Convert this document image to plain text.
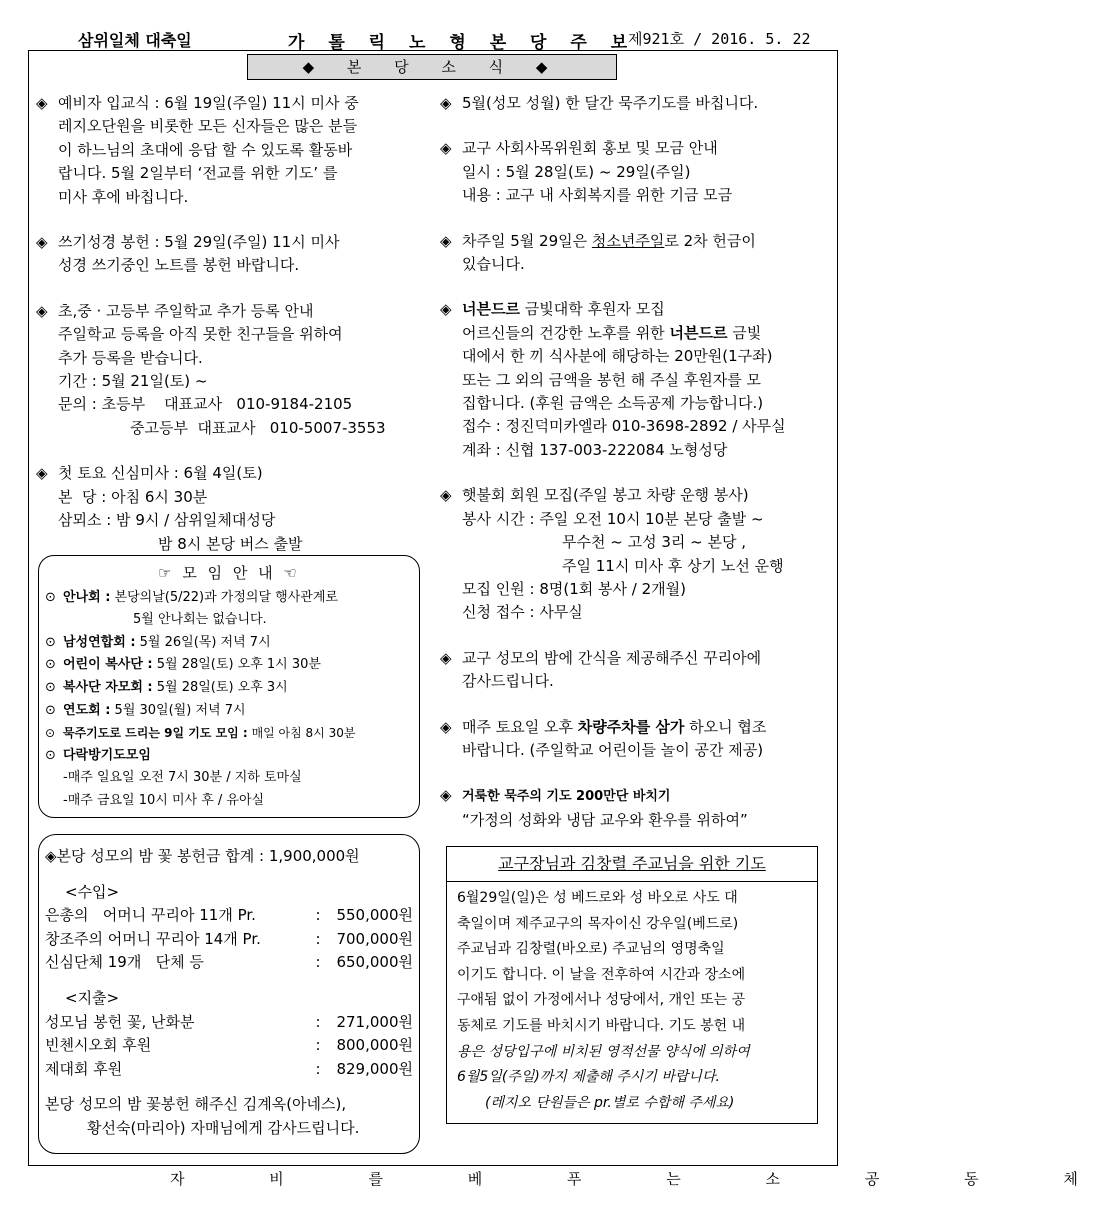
삼위일체 대축일	가 톨 릭 노 형 본 당 주 보
제921호 / 2016. 5. 22
◆ 본 당 소 식 ◆
◈ 예비자 입교식 : 6월 19일(주일) 11시 미사 중
레지오단원을 비롯한 모든 신자들은 많은 분들
이 하느님의 초대에 응답 할 수 있도록 활동바
랍니다. 5월 2일부터 ‘전교를 위한 기도’ 를
미사 후에 바칩니다.
◈ 쓰기성경 봉헌 : 5월 29일(주일) 11시 미사
성경 쓰기중인 노트를 봉헌 바랍니다.
◈ 초,중 · 고등부 주일학교 추가 등록 안내
주일학교 등록을 아직 못한 친구들을 위하여
추가 등록을 받습니다.
기간 : 5월 21일(토) ~
문의 : 초등부    대표교사   010-9184-2105
중고등부  대표교사   010-5007-3553
◈ 첫 토요 신심미사 : 6월 4일(토)
본  당 : 아침 6시 30분
삼뫼소 : 밤 9시 / 삼위일체대성당
밤 8시 본당 버스 출발
☞ 모 임 안 내 ☜
⊙ 안나회 : 본당의날(5/22)과 가정의달 행사관계로
5월 안나회는 없습니다.
⊙ 남성연합회 : 5월 26일(목) 저녁 7시
⊙ 어린이 복사단 : 5월 28일(토) 오후 1시 30분
⊙ 복사단 자모회 : 5월 28일(토) 오후 3시
⊙ 연도회 : 5월 30일(월) 저녁 7시
⊙ 묵주기도로 드리는 9일 기도 모임 : 매일 아침 8시 30분
⊙ 다락방기도모임
-매주 일요일 오전 7시 30분 / 지하 토마실
-매주 금요일 10시 미사 후 / 유아실
◈본당 성모의 밤 꽃 봉헌금 합계 : 1,900,000원
<수입>
은총의   어머니 꾸리아 11개 Pr.	:	550,000원
창조주의 어머니 꾸리아 14개 Pr.	:	700,000원
신심단체 19개   단체 등	:	650,000원
<지출>
성모님 봉헌 꽃, 난화분	:	271,000원
빈첸시오회 후원	:	800,000원
제대회 후원	:	829,000원
본당 성모의 밤 꽃봉헌 해주신 김계옥(아네스),
황선숙(마리아) 자매님에게 감사드립니다.
◈ 5월(성모 성월) 한 달간 묵주기도를 바칩니다.
◈ 교구 사회사목위원회 홍보 및 모금 안내
일시 : 5월 28일(토) ~ 29일(주일)
내용 : 교구 내 사회복지를 위한 기금 모금
◈ 차주일 5월 29일은 청소년주일로 2차 헌금이
있습니다.
◈ 너븐드르 금빛대학 후원자 모집
어르신들의 건강한 노후를 위한 너븐드르 금빛
대에서 한 끼 식사분에 해당하는 20만원(1구좌)
또는 그 외의 금액을 봉헌 해 주실 후원자를 모
집합니다. (후원 금액은 소득공제 가능합니다.)
접수 : 정진덕미카엘라 010-3698-2892 / 사무실
계좌 : 신협 137-003-222084 노형성당
◈ 햇불회 회원 모집(주일 봉고 차량 운행 봉사)
봉사 시간 : 주일 오전 10시 10분 본당 출발 ~
무수천 ~ 고성 3리 ~ 본당 ,
주일 11시 미사 후 상기 노선 운행
모집 인원 : 8명(1회 봉사 / 2개월)
신청 접수 : 사무실
◈ 교구 성모의 밤에 간식을 제공해주신 꾸리아에
감사드립니다.
◈ 매주 토요일 오후 차량주차를 삼가 하오니 협조
바랍니다. (주일학교 어린이들 놀이 공간 제공)
◈ 거룩한 묵주의 기도 200만단 바치기
“가정의 성화와 냉담 교우와 환우를 위하여”
교구장님과 김창렬 주교님을 위한 기도
6월29일(일)은 성 베드로와 성 바오로 사도 대
축일이며 제주교구의 목자이신 강우일(베드로)
주교님과 김창렬(바오로) 주교님의 영명축일
이기도 합니다. 이 날을 전후하여 시간과 장소에
구애됨 없이 가정에서나 성당에서, 개인 또는 공
동체로 기도를 바치시기 바랍니다. 기도 봉헌 내
용은 성당입구에 비치된 영적선물 양식에 의하여
6월5일(주일)까지 제출해 주시기 바랍니다.
(레지오 단원들은 pr.별로 수합해 주세요)
자 비 를 베 푸 는 소 공 동 체
